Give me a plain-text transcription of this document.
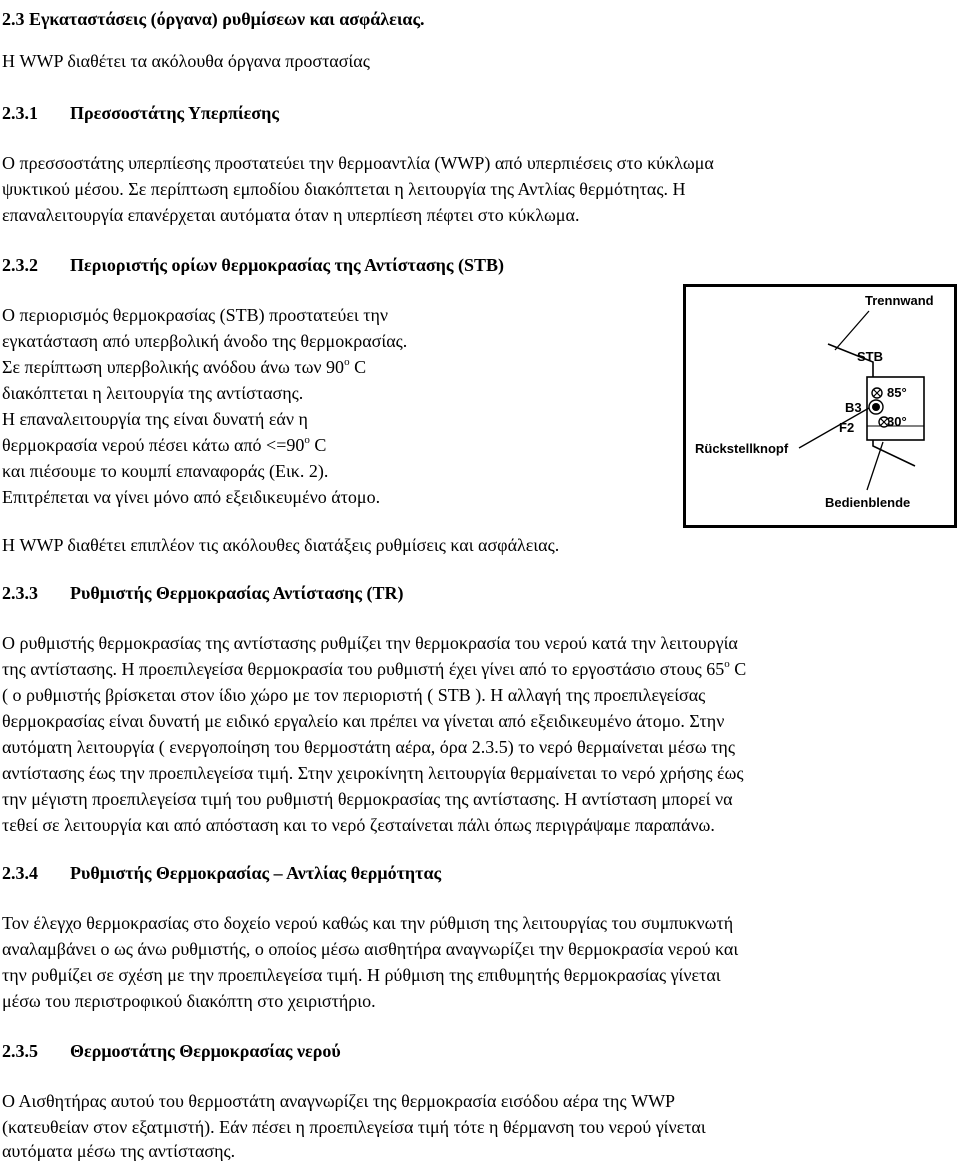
2.3 Εγκαταστάσεις (όργανα) ρυθμίσεων και ασφάλειας.
Η WWP διαθέτει τα ακόλουθα όργανα προστασίας
2.3.1 Πρεσσοστάτης Υπερπίεσης
Ο πρεσσοστάτης υπερπίεσης προστατεύει την θερμοαντλία (WWP) από υπερπιέσεις στο κύκλωμα
ψυκτικού μέσου. Σε περίπτωση εμποδίου διακόπτεται η λειτουργία της Αντλίας θερμότητας. Η
επαναλειτουργία επανέρχεται αυτόματα όταν η υπερπίεση πέφτει στο κύκλωμα.
2.3.2 Περιοριστής ορίων θερμοκρασίας της Αντίστασης (STB)
Ο περιορισμός θερμοκρασίας (STB) προστατεύει την
εγκατάσταση από υπερβολική άνοδο της θερμοκρασίας.
Σε περίπτωση υπερβολικής ανόδου άνω των $90^o$ C
διακόπτεται η λειτουργία της αντίστασης.
Η επαναλειτουργία της είναι δυνατή εάν η
θερμοκρασία νερού πέσει κάτω $\alpha\pi ό <=90^o$ C
και πιέσουμε το κουμπί επαναφοράς (Εικ. 2).
Επιτρέπεται να γίνει μόνο από εξειδικευμένο άτομο.
Η WWP διαθέτει επιπλέον τις ακόλουθες διατάξεις ρυθμίσεις και ασφάλειας.
Trennwand
STB
85°
30°
B3
F2
Rückstellknopf
Bedienblende
2.3.3 Ρυθμιστής Θερμοκρασίας Αντίστασης (TR)
Ο ρυθμιστής θερμοκρασίας της αντίστασης ρυθμίζει την θερμοκρασία του νερού κατά την λειτουργία
της αντίστασης. Η προεπιλεγείσα θερμοκρασία του ρυθμιστή έχει γίνει από το εργοστάσιο στους $65^o$ C
( ο ρυθμιστής βρίσκεται στον ίδιο χώρο με τον περιοριστή ( STB ). Η αλλαγή της προεπιλεγείσας
θερμοκρασίας είναι δυνατή με ειδικό εργαλείο και πρέπει να γίνεται από εξειδικευμένο άτομο. Στην
αυτόματη λειτουργία ( ενεργοποίηση του θερμοστάτη αέρα, όρα 2.3.5) το νερό θερμαίνεται μέσω της
αντίστασης έως την προεπιλεγείσα τιμή. Στην χειροκίνητη λειτουργία θερμαίνεται το νερό χρήσης έως
την μέγιστη προεπιλεγείσα τιμή του ρυθμιστή θερμοκρασίας της αντίστασης. Η αντίσταση μπορεί να
τεθεί σε λειτουργία και από απόσταση και το νερό ζεσταίνεται πάλι όπως περιγράψαμε παραπάνω.
2.3.4 Ρυθμιστής Θερμοκρασίας – Αντλίας θερμότητας
Τον έλεγχο θερμοκρασίας στο δοχείο νερού καθώς και την ρύθμιση της λειτουργίας του συμπυκνωτή
αναλαμβάνει ο ως άνω ρυθμιστής, ο οποίος μέσω αισθητήρα αναγνωρίζει την θερμοκρασία νερού και
την ρυθμίζει σε σχέση με την προεπιλεγείσα τιμή. Η ρύθμιση της επιθυμητής θερμοκρασίας γίνεται
μέσω του περιστροφικού διακόπτη στο χειριστήριο.
2.3.5 Θερμοστάτης Θερμοκρασίας νερού
Ο Αισθητήρας αυτού του θερμοστάτη αναγνωρίζει της θερμοκρασία εισόδου αέρα της WWP
(κατευθείαν στον εξατμιστή). Εάν πέσει η προεπιλεγείσα τιμή τότε η θέρμανση του νερού γίνεται
αυτόματα μέσω της αντίστασης.
